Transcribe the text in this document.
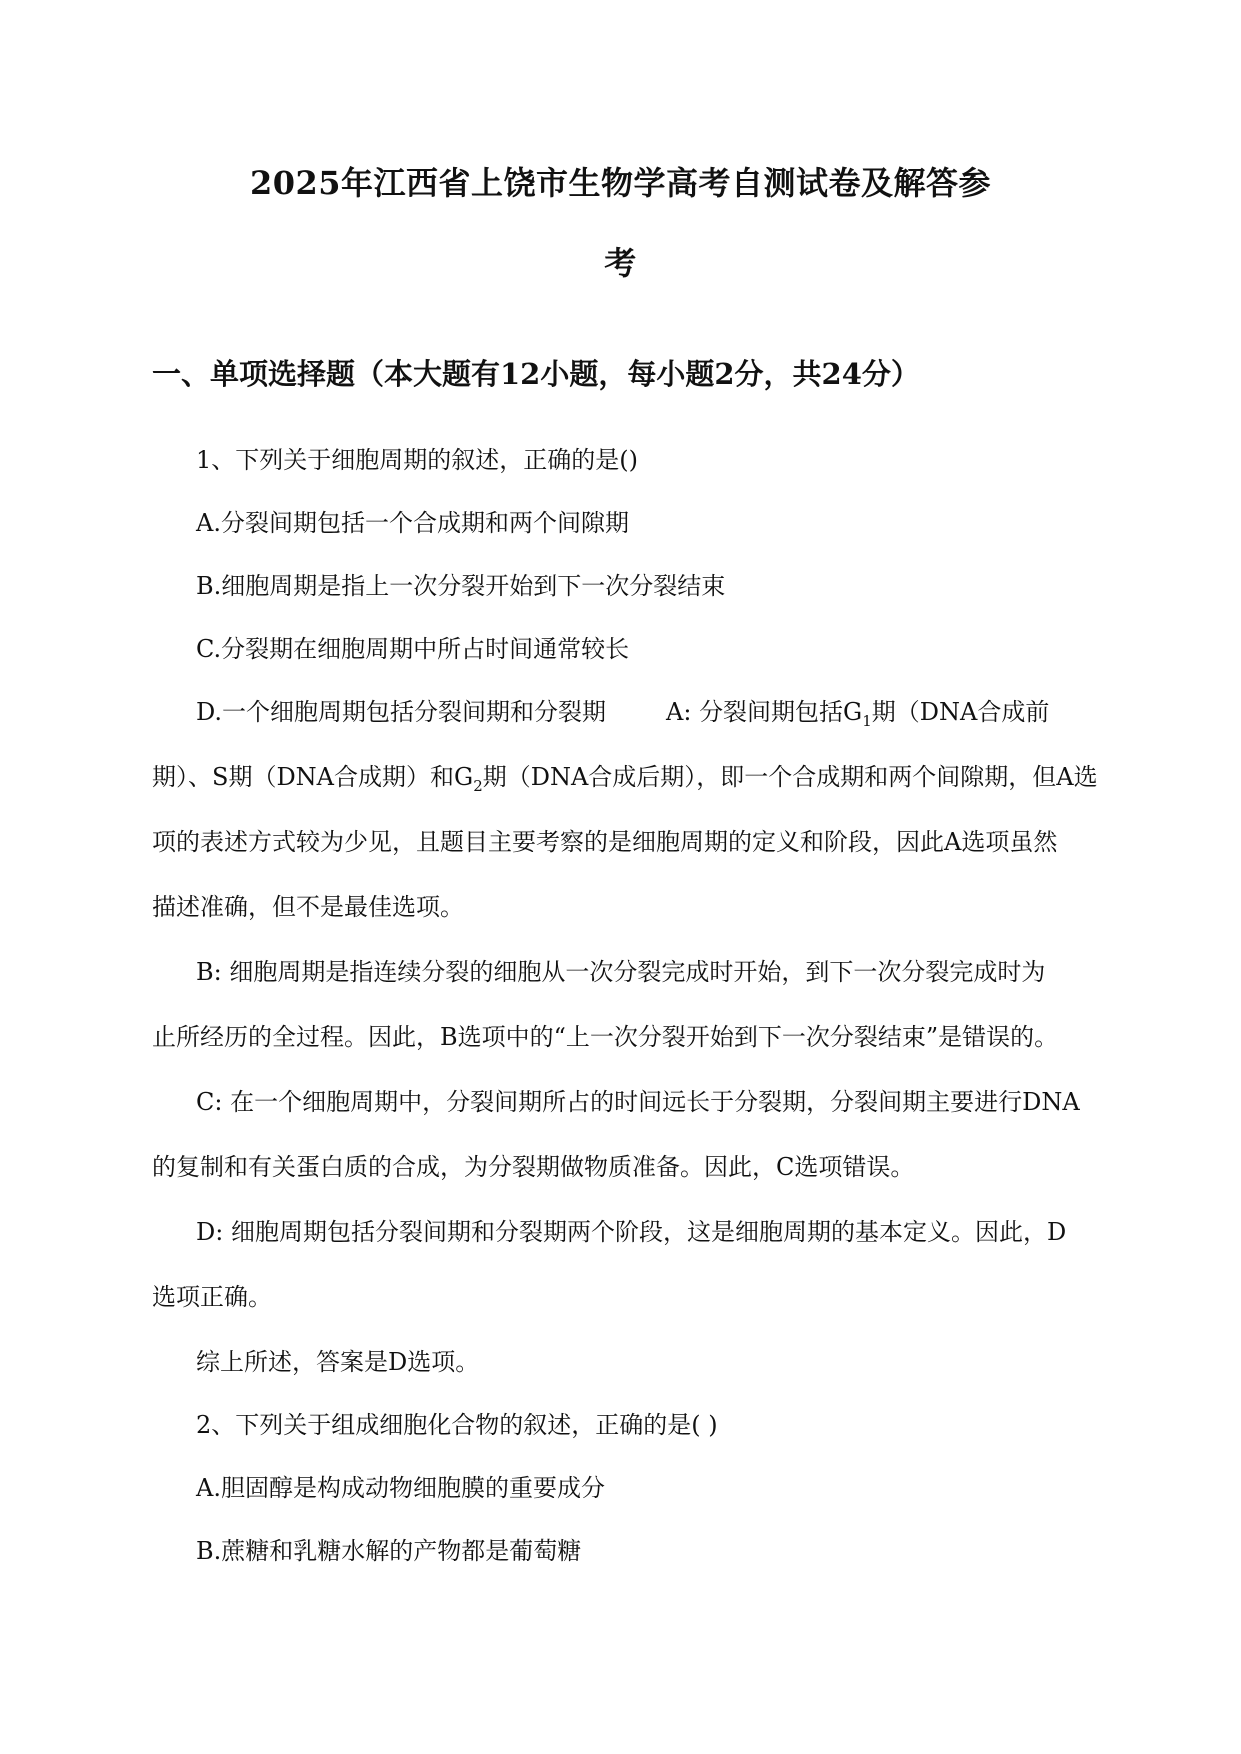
2025年江西省上饶市生物学高考自测试卷及解答参
考
一、单项选择题（本大题有12小题，每小题2分，共24分）
1、下列关于细胞周期的叙述，正确的是()
A.分裂间期包括一个合成期和两个间隙期
B.细胞周期是指上一次分裂开始到下一次分裂结束
C.分裂期在细胞周期中所占时间通常较长
D.一个细胞周期包括分裂间期和分裂期	A: 分裂间期包括$G_1$期（DNA合成前
期）、S期（DNA合成期）和$G_2$期（DNA合成后期），即一个合成期和两个间隙期，但A选
项的表述方式较为少见，且题目主要考察的是细胞周期的定义和阶段，因此A选项虽然
描述准确，但不是最佳选项。
B: 细胞周期是指连续分裂的细胞从一次分裂完成时开始，到下一次分裂完成时为
止所经历的全过程。因此，B选项中的“上一次分裂开始到下一次分裂结束”是错误的。
C: 在一个细胞周期中，分裂间期所占的时间远长于分裂期，分裂间期主要进行DNA
的复制和有关蛋白质的合成，为分裂期做物质准备。因此，C选项错误。
D: 细胞周期包括分裂间期和分裂期两个阶段，这是细胞周期的基本定义。因此，D
选项正确。
综上所述，答案是D选项。
2、下列关于组成细胞化合物的叙述，正确的是( )
A.胆固醇是构成动物细胞膜的重要成分
B.蔗糖和乳糖水解的产物都是葡萄糖
